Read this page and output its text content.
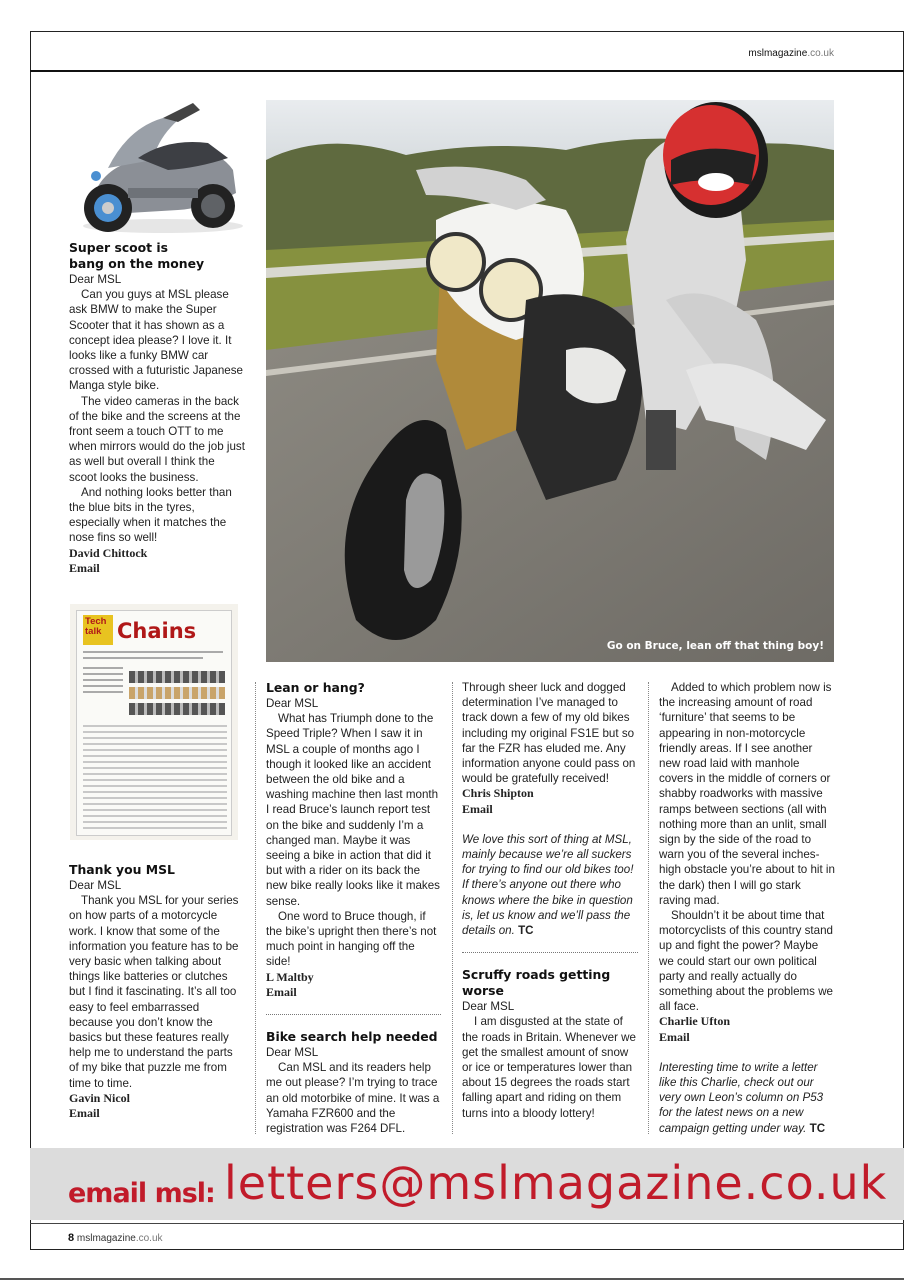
mslmagazine.co.uk
Go on Bruce, lean off that thing boy!
Tech
talk Chains
Super scoot is
bang on the money
Dear MSL

Can you guys at MSL please ask BMW to make the Super Scooter that it has shown as a concept idea please? I love it. It looks like a funky BMW car crossed with a futuristic Japanese Manga style bike.

The video cameras in the back of the bike and the screens at the front seem a touch OTT to me when mirrors would do the job just as well but overall I think the scoot looks the business.

And nothing looks better than the blue bits in the tyres, especially when it matches the nose fins so well!

David Chittock
Email
Thank you MSL
Dear MSL

Thank you MSL for your series on how parts of a motorcycle work. I know that some of the information you feature has to be very basic when talking about things like batteries or clutches but I find it fascinating. It’s all too easy to feel embarrassed because you don’t know the basics but these features really help me to understand the parts of my bike that puzzle me from time to time.

Gavin Nicol
Email
Lean or hang?
Dear MSL

What has Triumph done to the Speed Triple? When I saw it in MSL a couple of months ago I though it looked like an accident between the old bike and a washing machine then last month I read Bruce’s launch report test on the bike and suddenly I’m a changed man. Maybe it was seeing a bike in action that did it but with a rider on its back the new bike really looks like it makes sense.

One word to Bruce though, if the bike’s upright then there’s not much point in hanging off the side!

L Maltby
Email
Bike search help needed
Dear MSL

Can MSL and its readers help me out please? I’m trying to trace an old motorbike of mine. It was a Yamaha FZR600 and the registration was F264 DFL.

Through sheer luck and dogged determination I’ve managed to track down a few of my old bikes including my original FS1E but so far the FZR has eluded me. Any information anyone could pass on would be gratefully received!

Chris Shipton
Email

We love this sort of thing at MSL, mainly because we’re all suckers for trying to find our old bikes too! If there’s anyone out there who knows where the bike in question is, let us know and we’ll pass the details on. TC

Scruffy roads getting worse
Dear MSL

I am disgusted at the state of the roads in Britain. Whenever we get the smallest amount of snow or ice or temperatures lower than about 15 degrees the roads start falling apart and riding on them turns into a bloody lottery!

Added to which problem now is the increasing amount of road ‘furniture’ that seems to be appearing in non-motorcycle friendly areas. If I see another new road laid with manhole covers in the middle of corners or shabby roadworks with massive ramps between sections (all with nothing more than an unlit, small sign by the side of the road to warn you of the several inches-high obstacle you’re about to hit in the dark) then I will go stark raving mad.

Shouldn’t it be about time that motorcyclists of this country stand up and fight the power? Maybe we could start our own political party and really actually do something about the problems we all face.

Charlie Ufton
Email

Interesting time to write a letter like this Charlie, check out our very own Leon’s column on P53 for the latest news on a new campaign getting under way. TC

email msl: letters@mslmagazine.co.uk
8 mslmagazine.co.uk
